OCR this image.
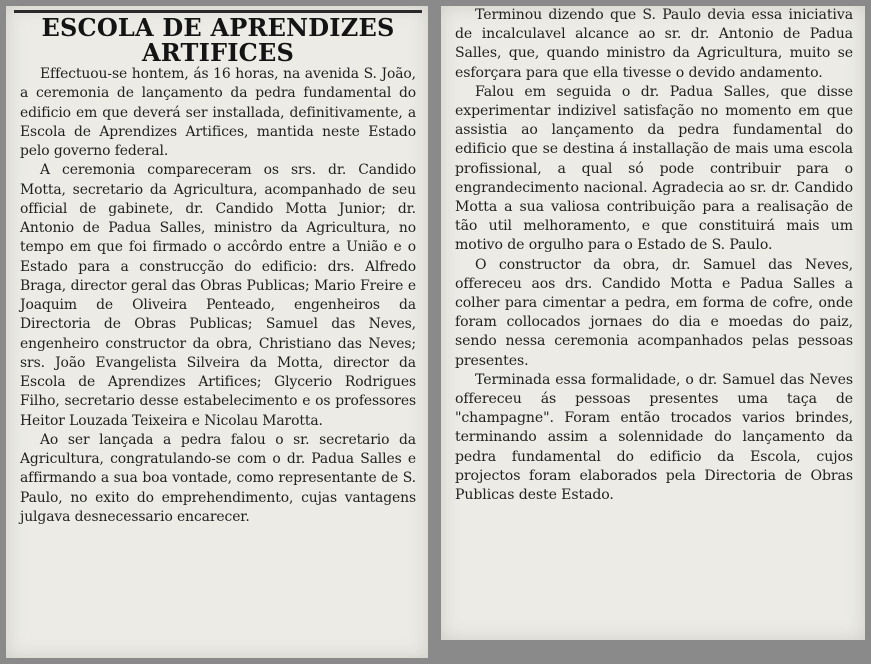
ESCOLA DE APRENDIZES
ARTIFICES

Effectuou-se hontem, ás 16 horas, na avenida S. João, a ceremonia de lançamento da pedra fundamental do edificio em que deverá ser installada, definitivamente, a Escola de Aprendizes Artifices, mantida neste Estado pelo governo federal.

A ceremonia compareceram os srs. dr. Candido Motta, secretario da Agricultura, acompanhado de seu official de gabinete, dr. Candido Motta Junior; dr. Antonio de Padua Salles, ministro da Agricultura, no tempo em que foi firmado o accôrdo entre a União e o Estado para a construcção do edificio: drs. Alfredo Braga, director geral das Obras Publicas; Mario Freire e Joaquim de Oliveira Penteado, engenheiros da Directoria de Obras Publicas; Samuel das Neves, engenheiro constructor da obra, Christiano das Neves; srs. João Evangelista Silveira da Motta, director da Escola de Aprendizes Artifices; Glycerio Rodrigues Filho, secretario desse estabelecimento e os professores Heitor Louzada Teixeira e Nicolau Marotta.

Ao ser lançada a pedra falou o sr. secretario da Agricultura, congratulando-se com o dr. Padua Salles e affirmando a sua boa vontade, como representante de S. Paulo, no exito do emprehendimento, cujas vantagens julgava desnecessario encarecer.

Terminou dizendo que S. Paulo devia essa iniciativa de incalculavel alcance ao sr. dr. Antonio de Padua Salles, que, quando ministro da Agricultura, muito se esforçara para que ella tivesse o devido andamento.

Falou em seguida o dr. Padua Salles, que disse experimentar indizivel satisfação no momento em que assistia ao lançamento da pedra fundamental do edificio que se destina á installação de mais uma escola profissional, a qual só pode contribuir para o engrandecimento nacional. Agradecia ao sr. dr. Candido Motta a sua valiosa contribuição para a realisação de tão util melhoramento, e que constituirá mais um motivo de orgulho para o Estado de S. Paulo.

O constructor da obra, dr. Samuel das Neves, offereceu aos drs. Candido Motta e Padua Salles a colher para cimentar a pedra, em forma de cofre, onde foram collocados jornaes do dia e moedas do paiz, sendo nessa ceremonia acompanhados pelas pessoas presentes.

Terminada essa formalidade, o dr. Samuel das Neves offereceu ás pessoas presentes uma taça de "champagne". Foram então trocados varios brindes, terminando assim a solennidade do lançamento da pedra fundamental do edificio da Escola, cujos projectos foram elaborados pela Directoria de Obras Publicas deste Estado.
